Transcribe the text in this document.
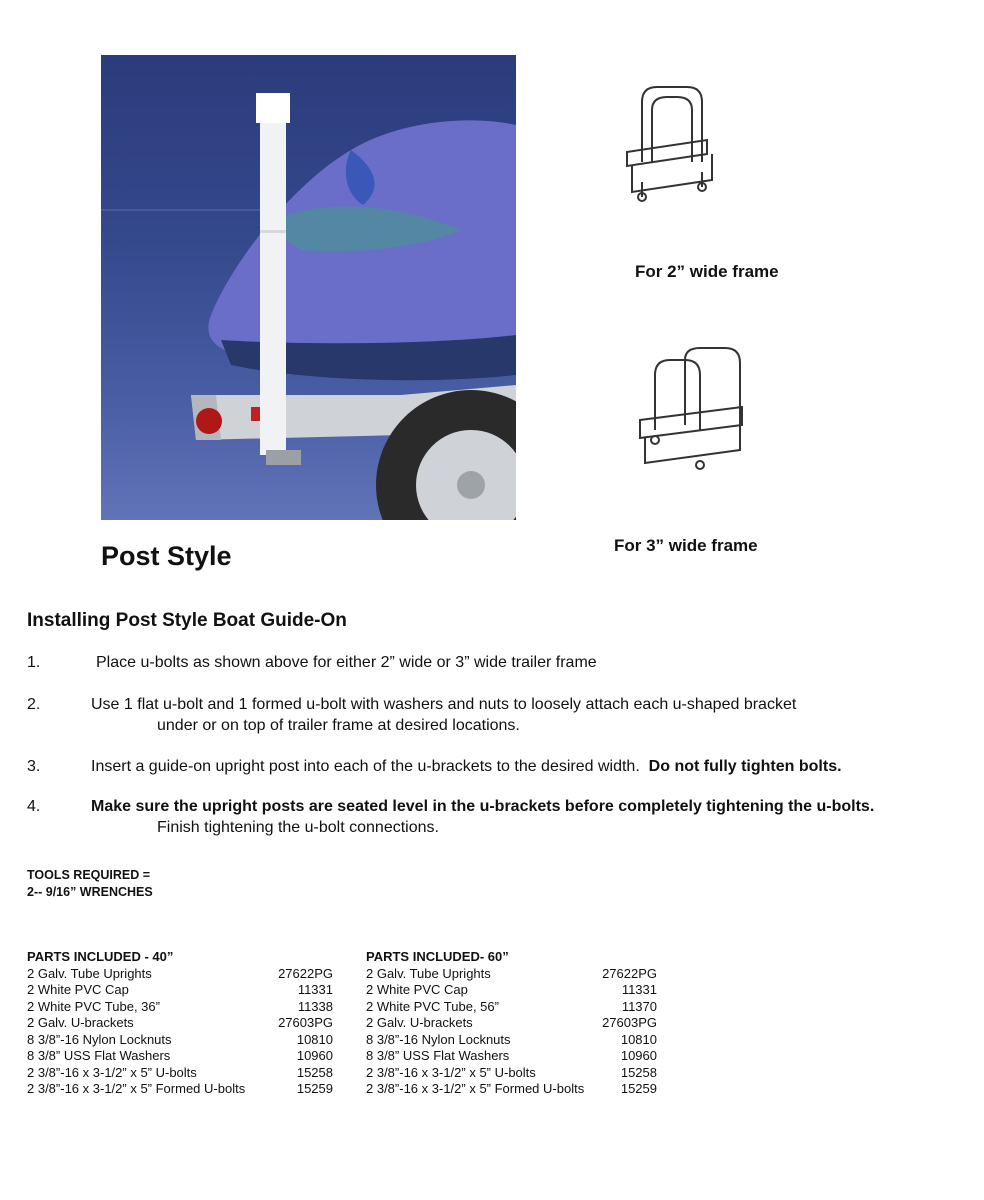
For 2” wide frame
For 3” wide frame
Post Style
Installing Post Style Boat Guide-On
1.	Place u-bolts as shown above for either 2” wide or 3” wide trailer frame
2.	Use 1 flat u-bolt and 1 formed u-bolt with washers and nuts to loosely attach each u-shaped bracket
under or on top of trailer frame at desired locations.
3.	Insert a guide-on upright post into each of the u-brackets to the desired width. Do not fully tighten bolts.
4.	Make sure the upright posts are seated level in the u-brackets before completely tightening the u-bolts.
Finish tightening the u-bolt connections.
TOOLS REQUIRED =
2-- 9/16” WRENCHES
PARTS INCLUDED - 40”
2 Galv. Tube Uprights	27622PG
2 White PVC Cap	11331
2 White PVC Tube, 36”	11338
2 Galv. U-brackets	27603PG
8 3/8”-16 Nylon Locknuts	10810
8 3/8” USS Flat Washers	10960
2 3/8”-16 x 3-1/2” x 5” U-bolts	15258
2 3/8”-16 x 3-1/2” x 5” Formed U-bolts	15259
PARTS INCLUDED- 60”
2 Galv. Tube Uprights	27622PG
2 White PVC Cap	11331
2 White PVC Tube, 56”	11370
2 Galv. U-brackets	27603PG
8 3/8”-16 Nylon Locknuts	10810
8 3/8” USS Flat Washers	10960
2 3/8”-16 x 3-1/2” x 5” U-bolts	15258
2 3/8”-16 x 3-1/2” x 5” Formed U-bolts	15259
